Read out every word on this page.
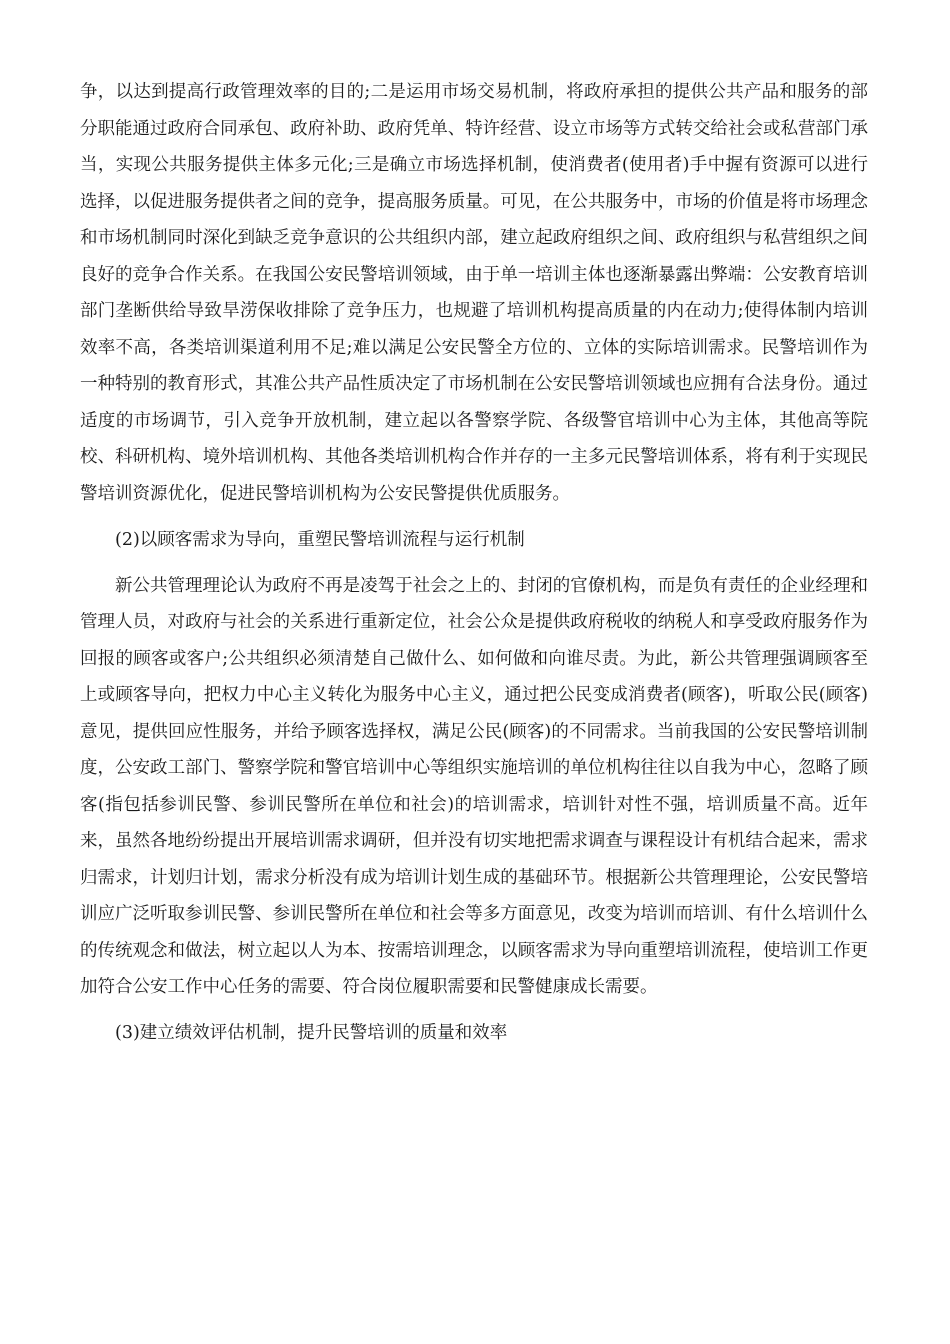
争，以达到提高行政管理效率的目的;二是运用市场交易机制，将政府承担的提供公共产品和服务的部分职能通过政府合同承包、政府补助、政府凭单、特许经营、设立市场等方式转交给社会或私营部门承当，实现公共服务提供主体多元化;三是确立市场选择机制，使消费者(使用者)手中握有资源可以进行选择，以促进服务提供者之间的竞争，提高服务质量。可见，在公共服务中，市场的价值是将市场理念和市场机制同时深化到缺乏竞争意识的公共组织内部，建立起政府组织之间、政府组织与私营组织之间良好的竞争合作关系。在我国公安民警培训领域，由于单一培训主体也逐渐暴露出弊端：公安教育培训部门垄断供给导致旱涝保收排除了竞争压力，也规避了培训机构提高质量的内在动力;使得体制内培训效率不高，各类培训渠道利用不足;难以满足公安民警全方位的、立体的实际培训需求。民警培训作为一种特别的教育形式，其准公共产品性质决定了市场机制在公安民警培训领域也应拥有合法身份。通过适度的市场调节，引入竞争开放机制，建立起以各警察学院、各级警官培训中心为主体，其他高等院校、科研机构、境外培训机构、其他各类培训机构合作并存的一主多元民警培训体系，将有利于实现民警培训资源优化，促进民警培训机构为公安民警提供优质服务。

(2)以顾客需求为导向，重塑民警培训流程与运行机制

新公共管理理论认为政府不再是凌驾于社会之上的、封闭的官僚机构，而是负有责任的企业经理和管理人员，对政府与社会的关系进行重新定位，社会公众是提供政府税收的纳税人和享受政府服务作为回报的顾客或客户;公共组织必须清楚自己做什么、如何做和向谁尽责。为此，新公共管理强调顾客至上或顾客导向，把权力中心主义转化为服务中心主义，通过把公民变成消费者(顾客)，听取公民(顾客)意见，提供回应性服务，并给予顾客选择权，满足公民(顾客)的不同需求。当前我国的公安民警培训制度，公安政工部门、警察学院和警官培训中心等组织实施培训的单位机构往往以自我为中心，忽略了顾客(指包括参训民警、参训民警所在单位和社会)的培训需求，培训针对性不强，培训质量不高。近年来，虽然各地纷纷提出开展培训需求调研，但并没有切实地把需求调查与课程设计有机结合起来，需求归需求，计划归计划，需求分析没有成为培训计划生成的基础环节。根据新公共管理理论，公安民警培训应广泛听取参训民警、参训民警所在单位和社会等多方面意见，改变为培训而培训、有什么培训什么的传统观念和做法，树立起以人为本、按需培训理念，以顾客需求为导向重塑培训流程，使培训工作更加符合公安工作中心任务的需要、符合岗位履职需要和民警健康成长需要。

(3)建立绩效评估机制，提升民警培训的质量和效率
